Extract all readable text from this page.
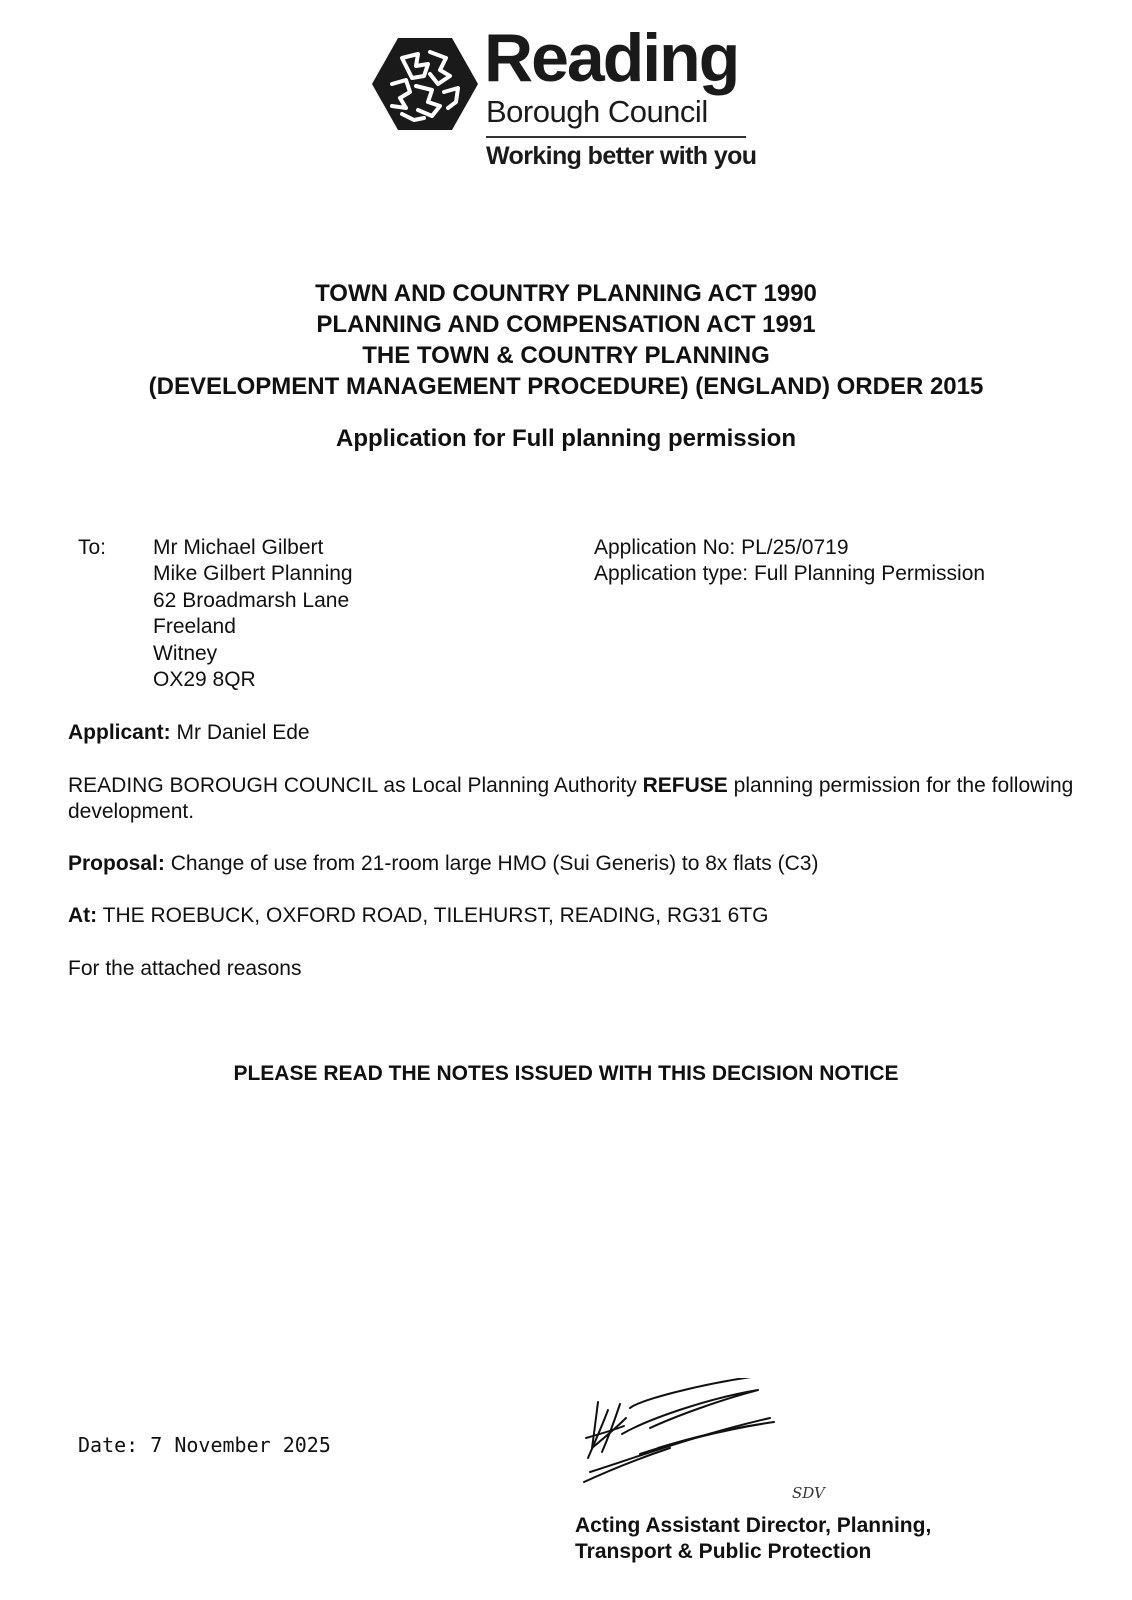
Reading
Borough Council
Working better with you
TOWN AND COUNTRY PLANNING ACT 1990
PLANNING AND COMPENSATION ACT 1991
THE TOWN & COUNTRY PLANNING
(DEVELOPMENT MANAGEMENT PROCEDURE) (ENGLAND) ORDER 2015
Application for Full planning permission
To: Mr Michael Gilbert
Mike Gilbert Planning
62 Broadmarsh Lane
Freeland
Witney
OX29 8QR
Application No: PL/25/0719
Application type: Full Planning Permission
Applicant: Mr Daniel Ede
READING BOROUGH COUNCIL as Local Planning Authority REFUSE planning permission for the following development.
Proposal: Change of use from 21-room large HMO (Sui Generis) to 8x flats (C3)
At: THE ROEBUCK, OXFORD ROAD, TILEHURST, READING, RG31 6TG
For the attached reasons
PLEASE READ THE NOTES ISSUED WITH THIS DECISION NOTICE
Date: 7 November 2025
SDV
Acting Assistant Director, Planning,
Transport & Public Protection
